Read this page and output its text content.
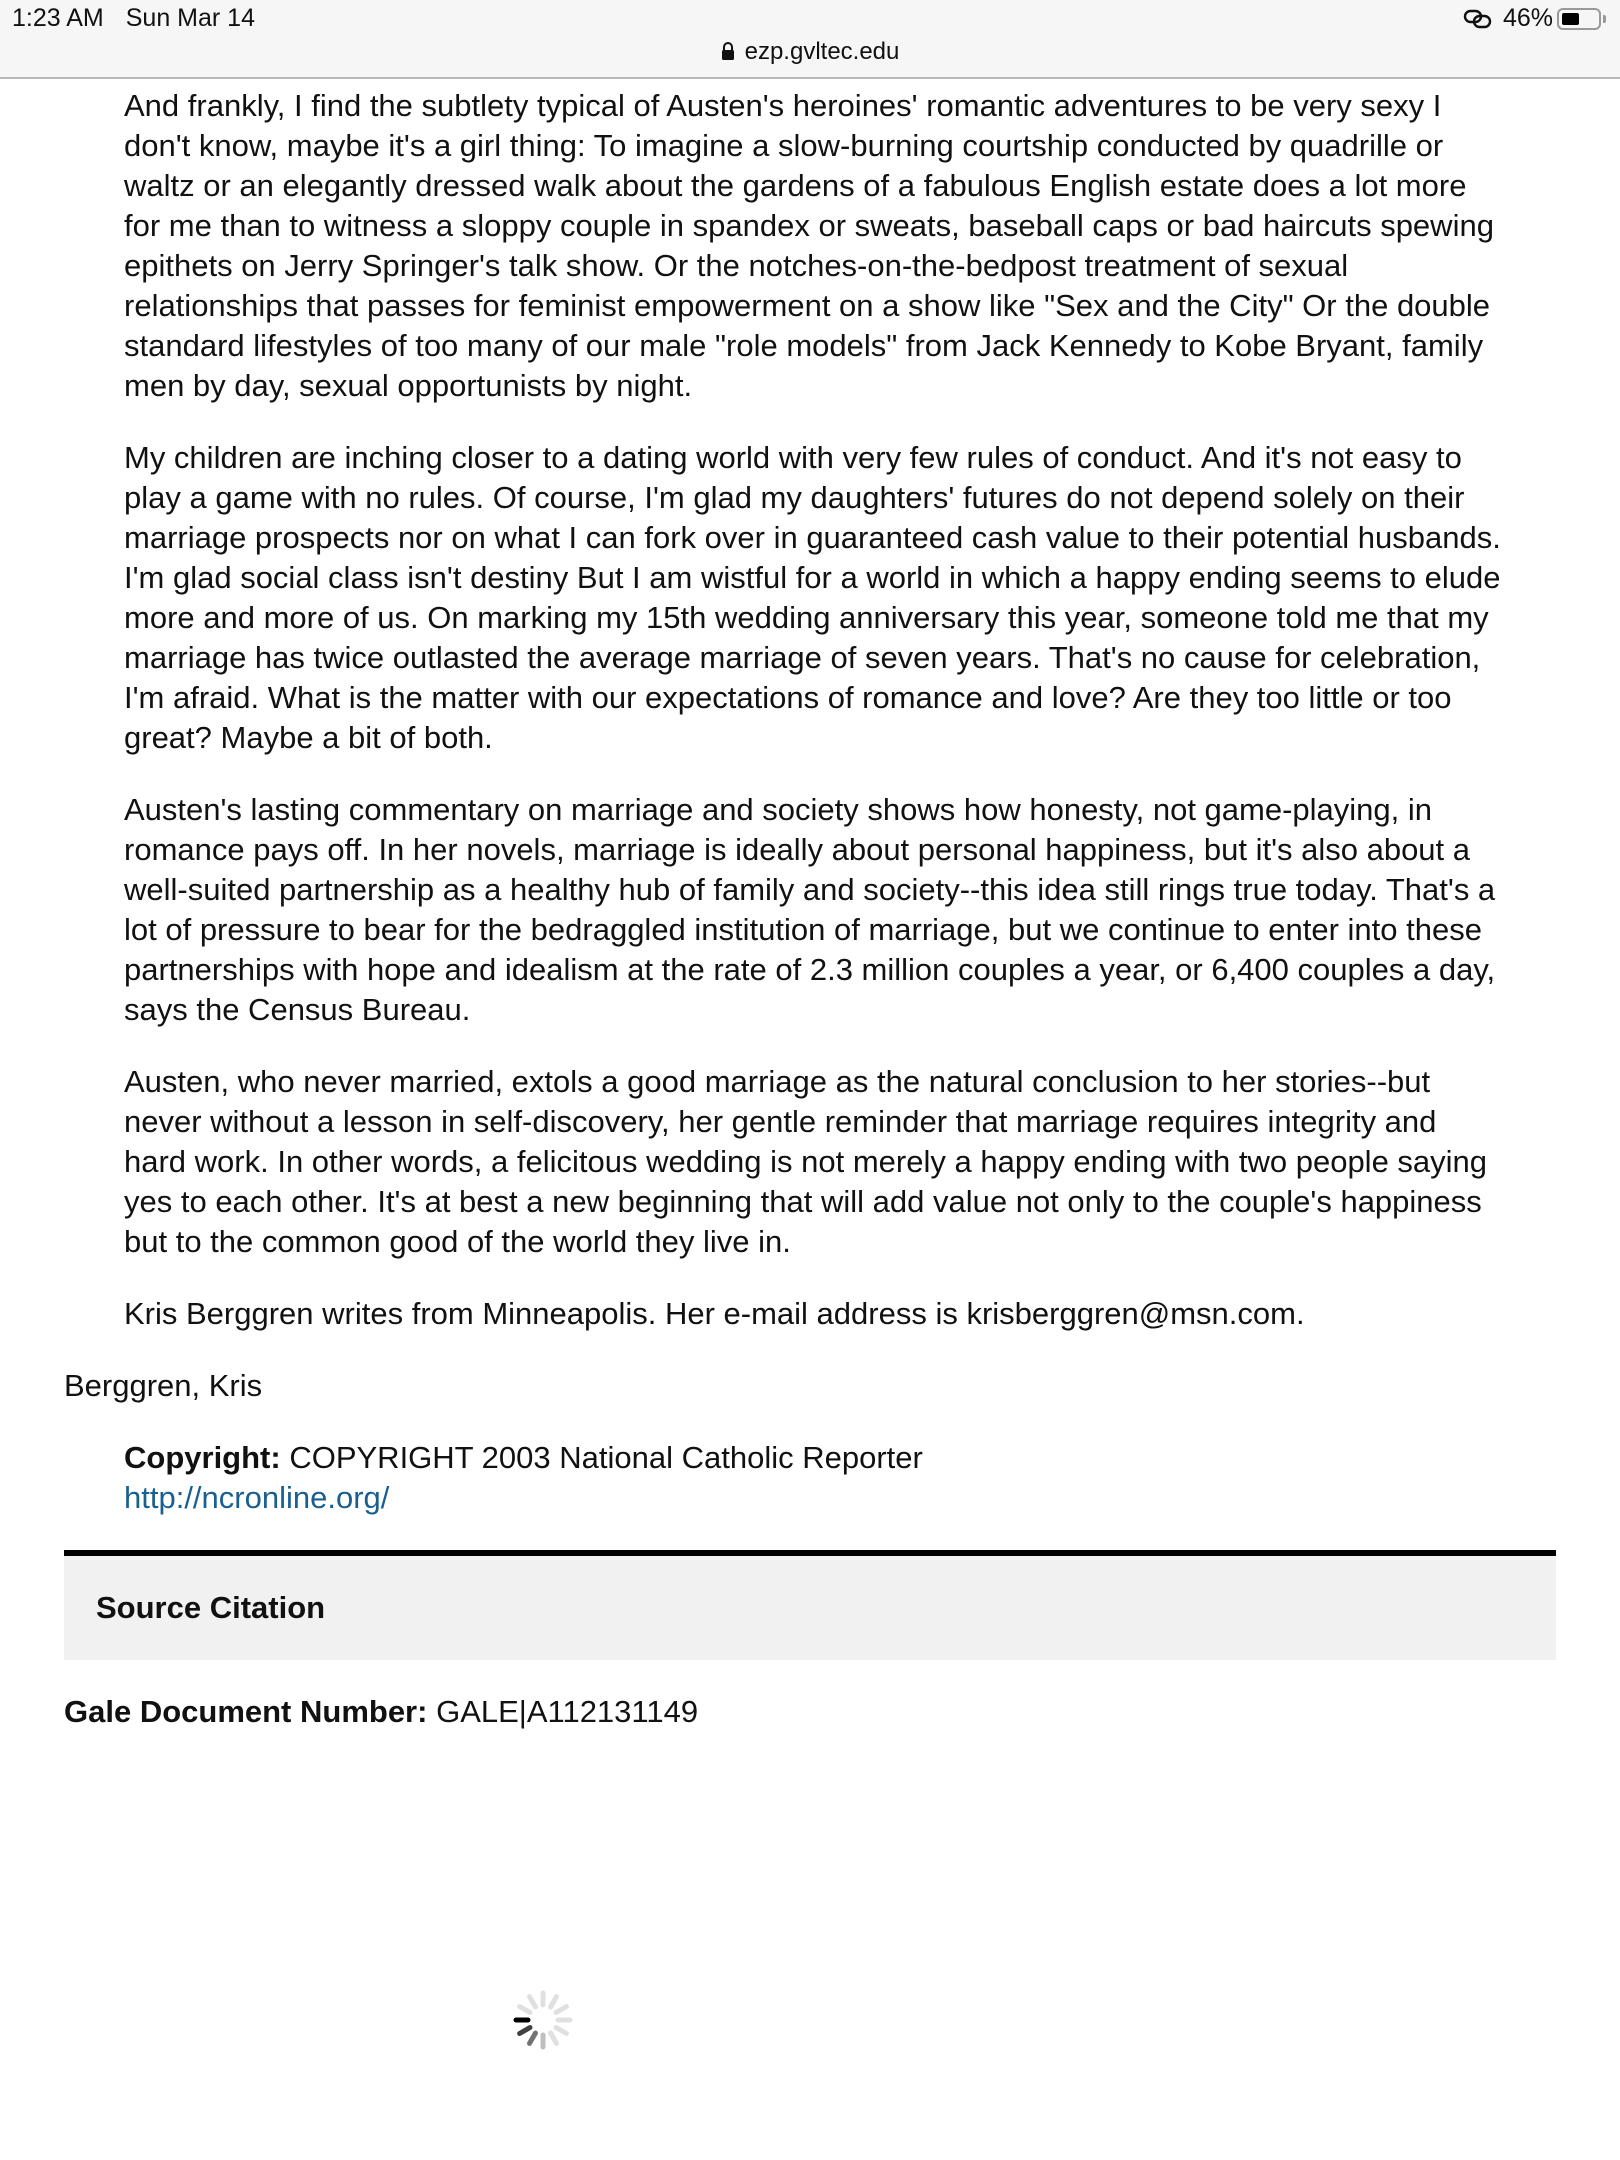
1:23 AM Sun Mar 14	46%
ezp.gvltec.edu

And frankly, I find the subtlety typical of Austen's heroines' romantic adventures to be very sexy I don't know, maybe it's a girl thing: To imagine a slow-burning courtship conducted by quadrille or waltz or an elegantly dressed walk about the gardens of a fabulous English estate does a lot more for me than to witness a sloppy couple in spandex or sweats, baseball caps or bad haircuts spewing epithets on Jerry Springer's talk show. Or the notches-on-the-bedpost treatment of sexual relationships that passes for feminist empowerment on a show like "Sex and the City" Or the double standard lifestyles of too many of our male "role models" from Jack Kennedy to Kobe Bryant, family men by day, sexual opportunists by night.

My children are inching closer to a dating world with very few rules of conduct. And it's not easy to play a game with no rules. Of course, I'm glad my daughters' futures do not depend solely on their marriage prospects nor on what I can fork over in guaranteed cash value to their potential husbands. I'm glad social class isn't destiny But I am wistful for a world in which a happy ending seems to elude more and more of us. On marking my 15th wedding anniversary this year, someone told me that my marriage has twice outlasted the average marriage of seven years. That's no cause for celebration, I'm afraid. What is the matter with our expectations of romance and love? Are they too little or too great? Maybe a bit of both.

Austen's lasting commentary on marriage and society shows how honesty, not game-playing, in romance pays off. In her novels, marriage is ideally about personal happiness, but it's also about a well-suited partnership as a healthy hub of family and society--this idea still rings true today. That's a lot of pressure to bear for the bedraggled institution of marriage, but we continue to enter into these partnerships with hope and idealism at the rate of 2.3 million couples a year, or 6,400 couples a day, says the Census Bureau.

Austen, who never married, extols a good marriage as the natural conclusion to her stories--but never without a lesson in self-discovery, her gentle reminder that marriage requires integrity and hard work. In other words, a felicitous wedding is not merely a happy ending with two people saying yes to each other. It's at best a new beginning that will add value not only to the couple's happiness but to the common good of the world they live in.

Kris Berggren writes from Minneapolis. Her e-mail address is krisberggren@msn.com.

Berggren, Kris
Copyright: COPYRIGHT 2003 National Catholic Reporter
http://ncronline.org/
Source Citation
Gale Document Number: GALE|A112131149
